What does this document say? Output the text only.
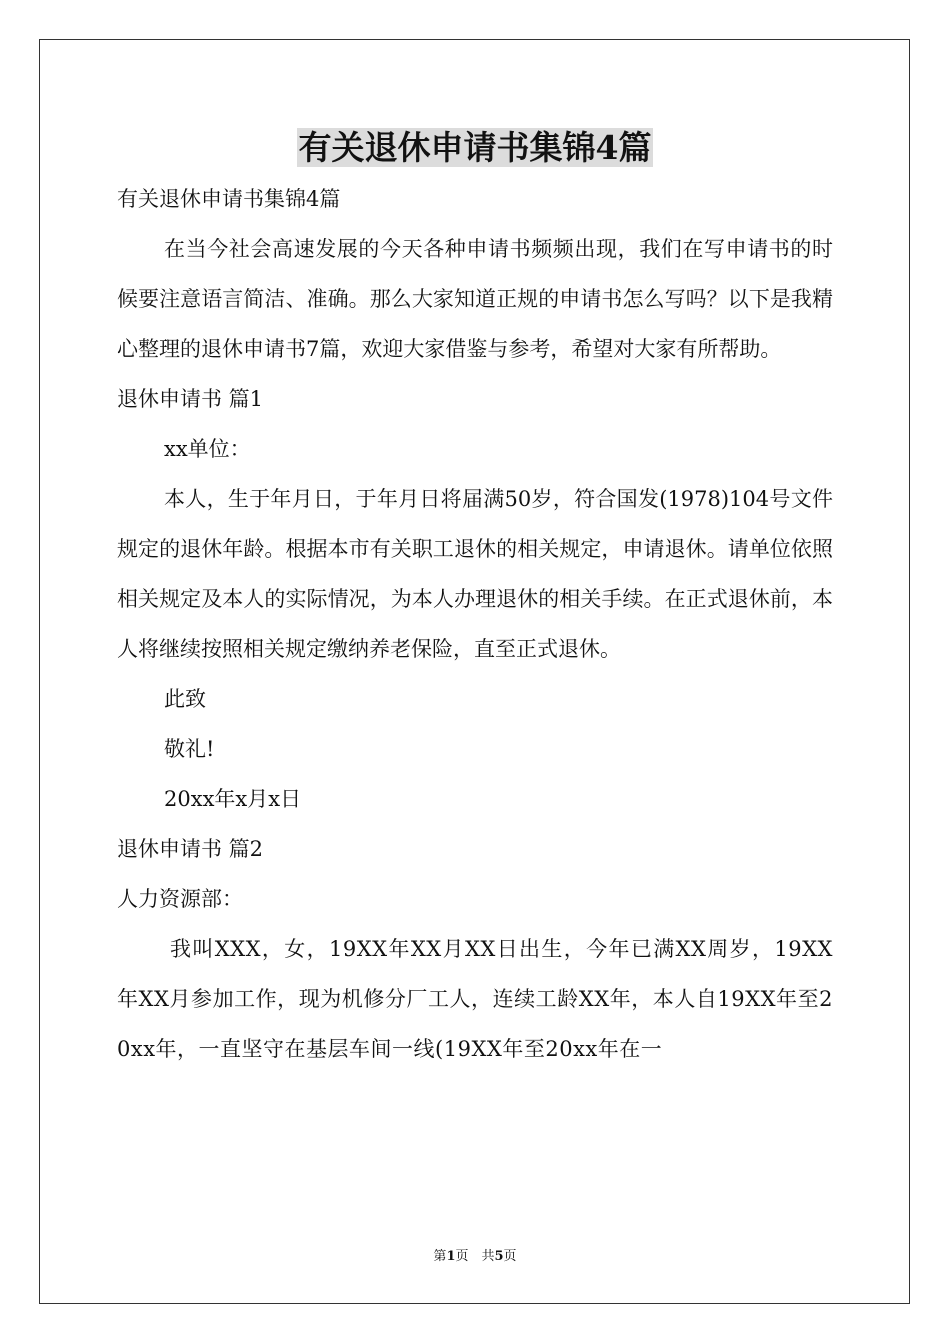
有关退休申请书集锦4篇

有关退休申请书集锦4篇

在当今社会高速发展的今天各种申请书频频出现，我们在写申请书的时候要注意语言简洁、准确。那么大家知道正规的申请书怎么写吗？以下是我精心整理的退休申请书7篇，欢迎大家借鉴与参考，希望对大家有所帮助。

退休申请书 篇1

xx单位：

本人，生于年月日，于年月日将届满50岁，符合国发(1978)104号文件规定的退休年龄。根据本市有关职工退休的相关规定，申请退休。请单位依照相关规定及本人的实际情况，为本人办理退休的相关手续。在正式退休前，本人将继续按照相关规定缴纳养老保险，直至正式退休。

此致

敬礼!

20xx年x月x日

退休申请书 篇2

人力资源部：

我叫XXX，女，19XX年XX月XX日出生，今年已满XX周岁，19XX年XX月参加工作，现为机修分厂工人，连续工龄XX年，本人自19XX年至20xx年，一直坚守在基层车间一线(19XX年至20xx年在一

第1页　共5页
